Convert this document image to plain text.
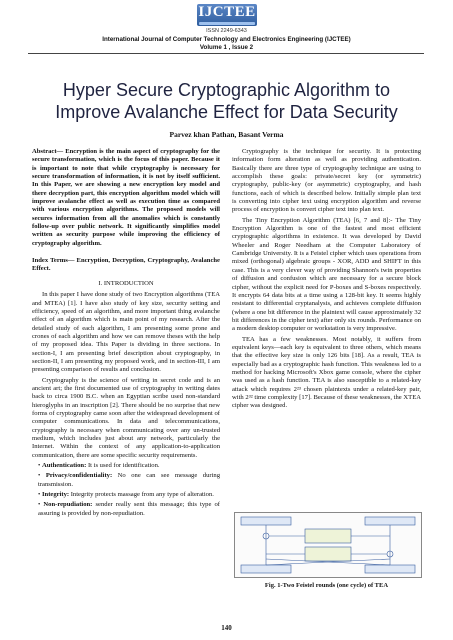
IJCTEE
ISSN 2249-6343
International Journal of Computer Technology and Electronics Engineering (IJCTEE)
Volume 1 , Issue 2
Hyper Secure Cryptographic Algorithm to Improve Avalanche Effect for Data Security
Parvez khan Pathan, Basant Verma

Abstract— Encryption is the main aspect of cryptography for the secure transformation, which is the focus of this paper. Because it is important to note that while cryptography is necessary for secure transformation of information, it is not by itself sufficient. In this Paper, we are showing a new encryption key model and there decryption part, this encryption algorithm model which will improve avalanche effect as well as execution time as compared with various encryption algorithms. The proposed models will secures information from all the anomalies which is constantly follow-up over public network. It significantly simplifies model written as security purpose while improving the efficiency of cryptography algorithm.

Index Terms— Encryption, Decryption, Cryptography, Avalanche Effect.

I. INTRODUCTION

In this paper I have done study of two Encryption algorithms (TEA and MTEA) [1]. I have also study of key size, security setting and efficiency, speed of an algorithm, and more important thing avalanche effect of an algorithm which is main point of my research. After the detailed study of each algorithm, I am presenting some prone and crones of each algorithm and how we can remove theses with the help of my proposed idea. This Paper is dividing in three sections. In section-I, I am presenting brief description about cryptography, in section-II, I am presenting my proposed work, and in section-III, I am presenting comparison of results and conclusion.

Cryptography is the science of writing in secret code and is an ancient art; the first documented use of cryptography in writing dates back to circa 1900 B.C. when an Egyptian scribe used non-standard hieroglyphs in an inscription [2]. There should be no surprise that new forms of cryptography came soon after the widespread development of computer communications. In data and telecommunications, cryptography is necessary when communicating over any un-trusted medium, which includes just about any network, particularly the Internet. Within the context of any application-to-application communication, there are some specific security requirements.

• Authentication: It is used for identification.

• Privacy/confidentiality: No one can see message during transmission.

• Integrity: Integrity protects massage from any type of alteration.

• Non-repudiation: sender really sent this message; this type of assuring is provided by non-repudiation.

Cryptography is the technique for security. It is protecting information form alteration as well as providing authentication. Basically there are three type of cryptography technique are using to accomplish these goals: private/secret key (or symmetric) cryptography, public-key (or asymmetric) cryptography, and hash functions, each of which is described below. Initially simple plan text is converting into cipher text using encryption algorithm and reverse process of encryption is convert cipher text into plan text.

The Tiny Encryption Algorithm (TEA) [6, 7 and 8]:- The Tiny Encryption Algorithm is one of the fastest and most efficient cryptographic algorithms in existence. It was developed by David Wheeler and Roger Needham at the Computer Laboratory of Cambridge University. It is a Feistel cipher which uses operations from mixed (orthogonal) algebraic groups - XOR, ADD and SHIFT in this case. This is a very clever way of providing Shannon's twin properties of diffusion and confusion which are necessary for a secure block cipher, without the explicit need for P-boxes and S-boxes respectively. It encrypts 64 data bits at a time using a 128-bit key. It seems highly resistant to differential cryptanalysis, and achieves complete diffusion (where a one bit difference in the plaintext will cause approximately 32 bit differences in the cipher text) after only six rounds. Performance on a modern desktop computer or workstation is very impressive.

TEA has a few weaknesses. Most notably, it suffers from equivalent keys—each key is equivalent to three others, which means that the effective key size is only 126 bits [18]. As a result, TEA is especially bad as a cryptographic hash function. This weakness led to a method for hacking Microsoft's Xbox game console, where the cipher was used as a hash function. TEA is also susceptible to a related-key attack which requires 2²³ chosen plaintexts under a related-key pair, with 2³² time complexity [17]. Because of these weaknesses, the XTEA cipher was designed.

Fig. 1-Two Feistel rounds (one cycle) of TEA
140
